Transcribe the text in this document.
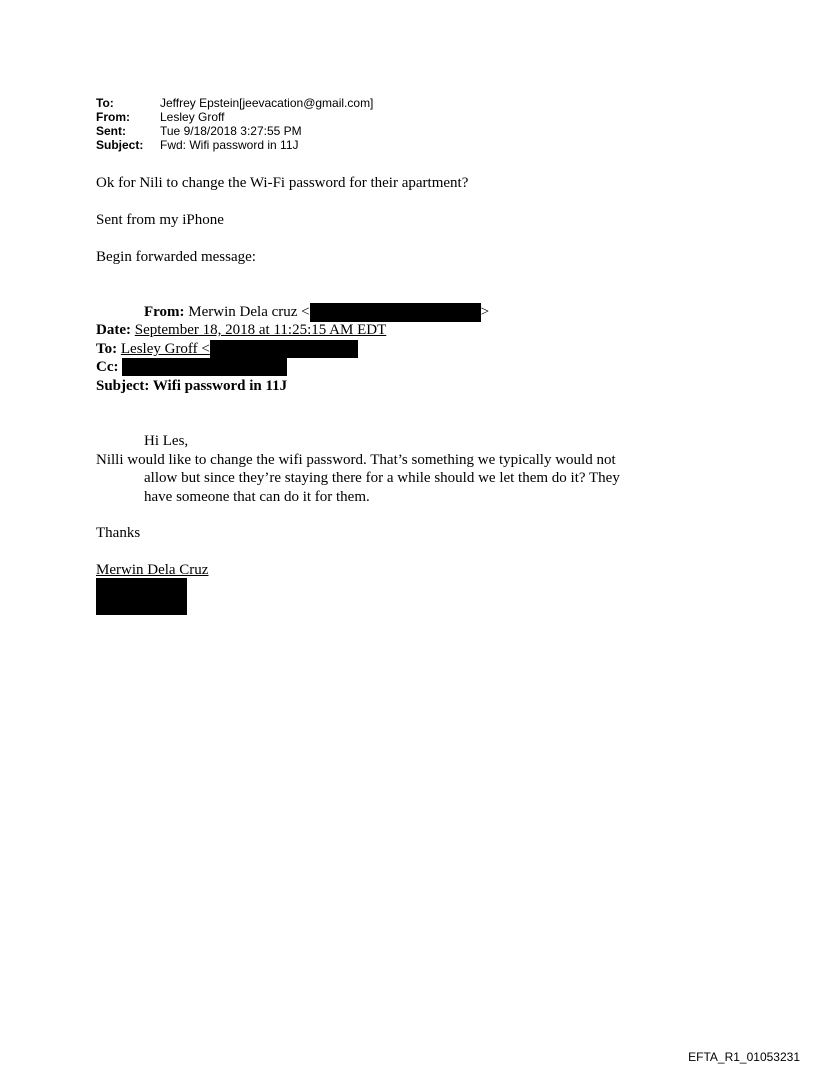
To:	Jeffrey Epstein[jeevacation@gmail.com]
From:	Lesley Groff
Sent:	Tue 9/18/2018 3:27:55 PM
Subject:	Fwd: Wifi password in 11J
Ok for Nili to change the Wi-Fi password for their apartment?
Sent from my iPhone
Begin forwarded message:
From: Merwin Dela cruz <	>
Date: September 18, 2018 at 11:25:15 AM EDT
To: Lesley Groff <
Cc:
Subject: Wifi password in 11J
Hi Les,
Nilli would like to change the wifi password. That’s something we typically would not
allow but since they’re staying there for a while should we let them do it? They
have someone that can do it for them.
Thanks
Merwin Dela Cruz
EFTA_R1_01053231
